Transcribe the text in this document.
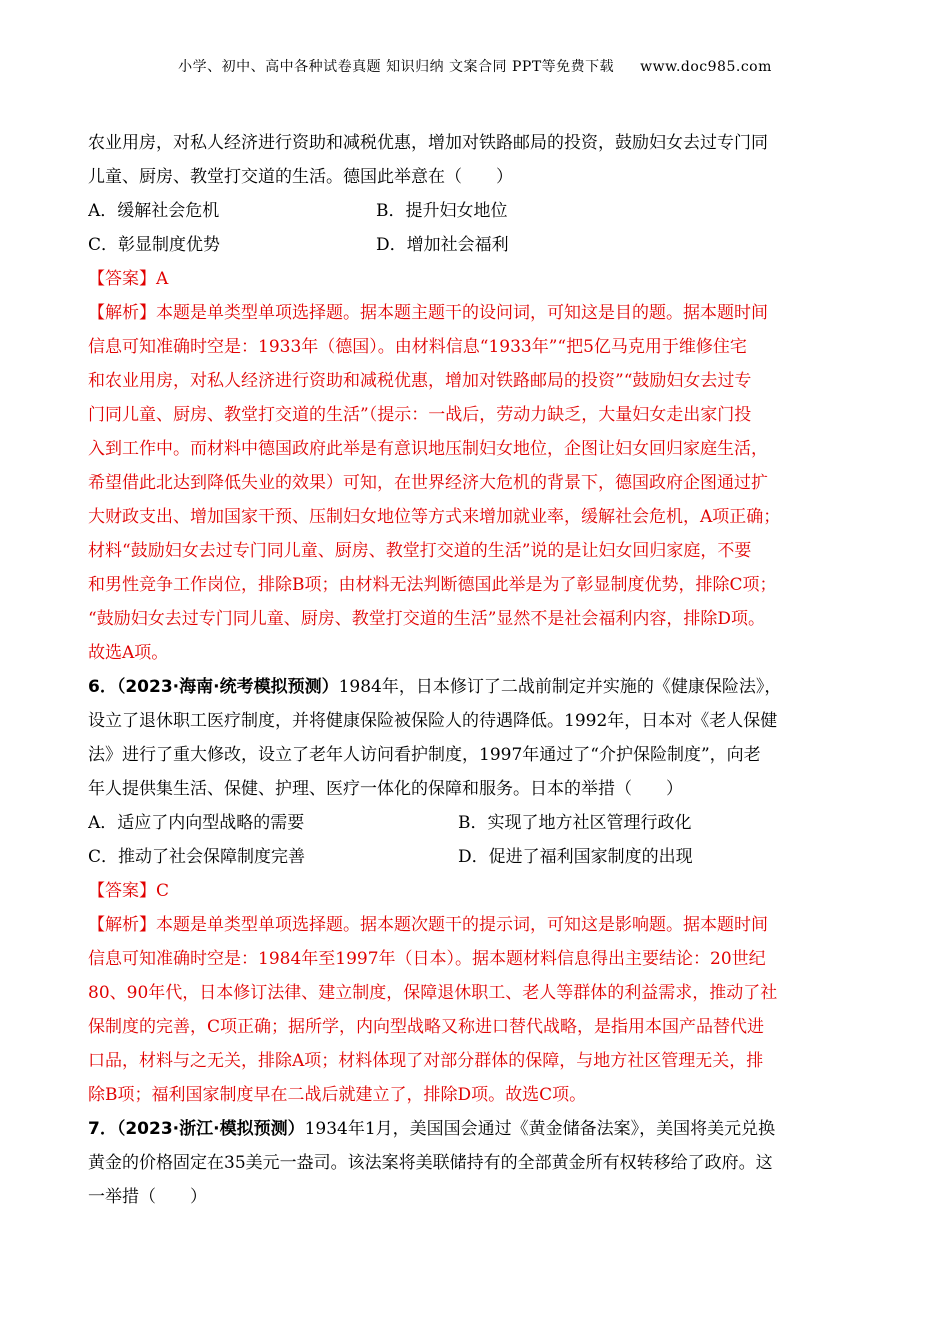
小学、初中、高中各种试卷真题 知识归纳 文案合同 PPT等免费下载 www.doc985.com
农业用房，对私人经济进行资助和减税优惠，增加对铁路邮局的投资，鼓励妇女去过专门同
儿童、厨房、教堂打交道的生活。德国此举意在（　　）
A．缓解社会危机	B．提升妇女地位
C．彰显制度优势	D．增加社会福利
【答案】A
【解析】本题是单类型单项选择题。据本题主题干的设问词，可知这是目的题。据本题时间
信息可知准确时空是：1933年（德国）。由材料信息“1933年”“把5亿马克用于维修住宅
和农业用房，对私人经济进行资助和减税优惠，增加对铁路邮局的投资”“鼓励妇女去过专
门同儿童、厨房、教堂打交道的生活”（提示：一战后，劳动力缺乏，大量妇女走出家门投
入到工作中。而材料中德国政府此举是有意识地压制妇女地位，企图让妇女回归家庭生活，
希望借此北达到降低失业的效果）可知，在世界经济大危机的背景下，德国政府企图通过扩
大财政支出、增加国家干预、压制妇女地位等方式来增加就业率，缓解社会危机，A项正确；
材料“鼓励妇女去过专门同儿童、厨房、教堂打交道的生活”说的是让妇女回归家庭，不要
和男性竞争工作岗位，排除B项；由材料无法判断德国此举是为了彰显制度优势，排除C项；
“鼓励妇女去过专门同儿童、厨房、教堂打交道的生活”显然不是社会福利内容，排除D项。
故选A项。
6．（2023·海南·统考模拟预测）1984年，日本修订了二战前制定并实施的《健康保险法》，
设立了退休职工医疗制度，并将健康保险被保险人的待遇降低。1992年，日本对《老人保健
法》进行了重大修改，设立了老年人访问看护制度，1997年通过了“介护保险制度”，向老
年人提供集生活、保健、护理、医疗一体化的保障和服务。日本的举措（　　）
A．适应了内向型战略的需要	B．实现了地方社区管理行政化
C．推动了社会保障制度完善	D．促进了福利国家制度的出现
【答案】C
【解析】本题是单类型单项选择题。据本题次题干的提示词，可知这是影响题。据本题时间
信息可知准确时空是：1984年至1997年（日本）。据本题材料信息得出主要结论：20世纪
80、90年代，日本修订法律、建立制度，保障退休职工、老人等群体的利益需求，推动了社
保制度的完善，C项正确；据所学，内向型战略又称进口替代战略，是指用本国产品替代进
口品，材料与之无关，排除A项；材料体现了对部分群体的保障，与地方社区管理无关，排
除B项；福利国家制度早在二战后就建立了，排除D项。故选C项。
7．（2023·浙江·模拟预测）1934年1月，美国国会通过《黄金储备法案》，美国将美元兑换
黄金的价格固定在35美元一盎司。该法案将美联储持有的全部黄金所有权转移给了政府。这
一举措（　　）
